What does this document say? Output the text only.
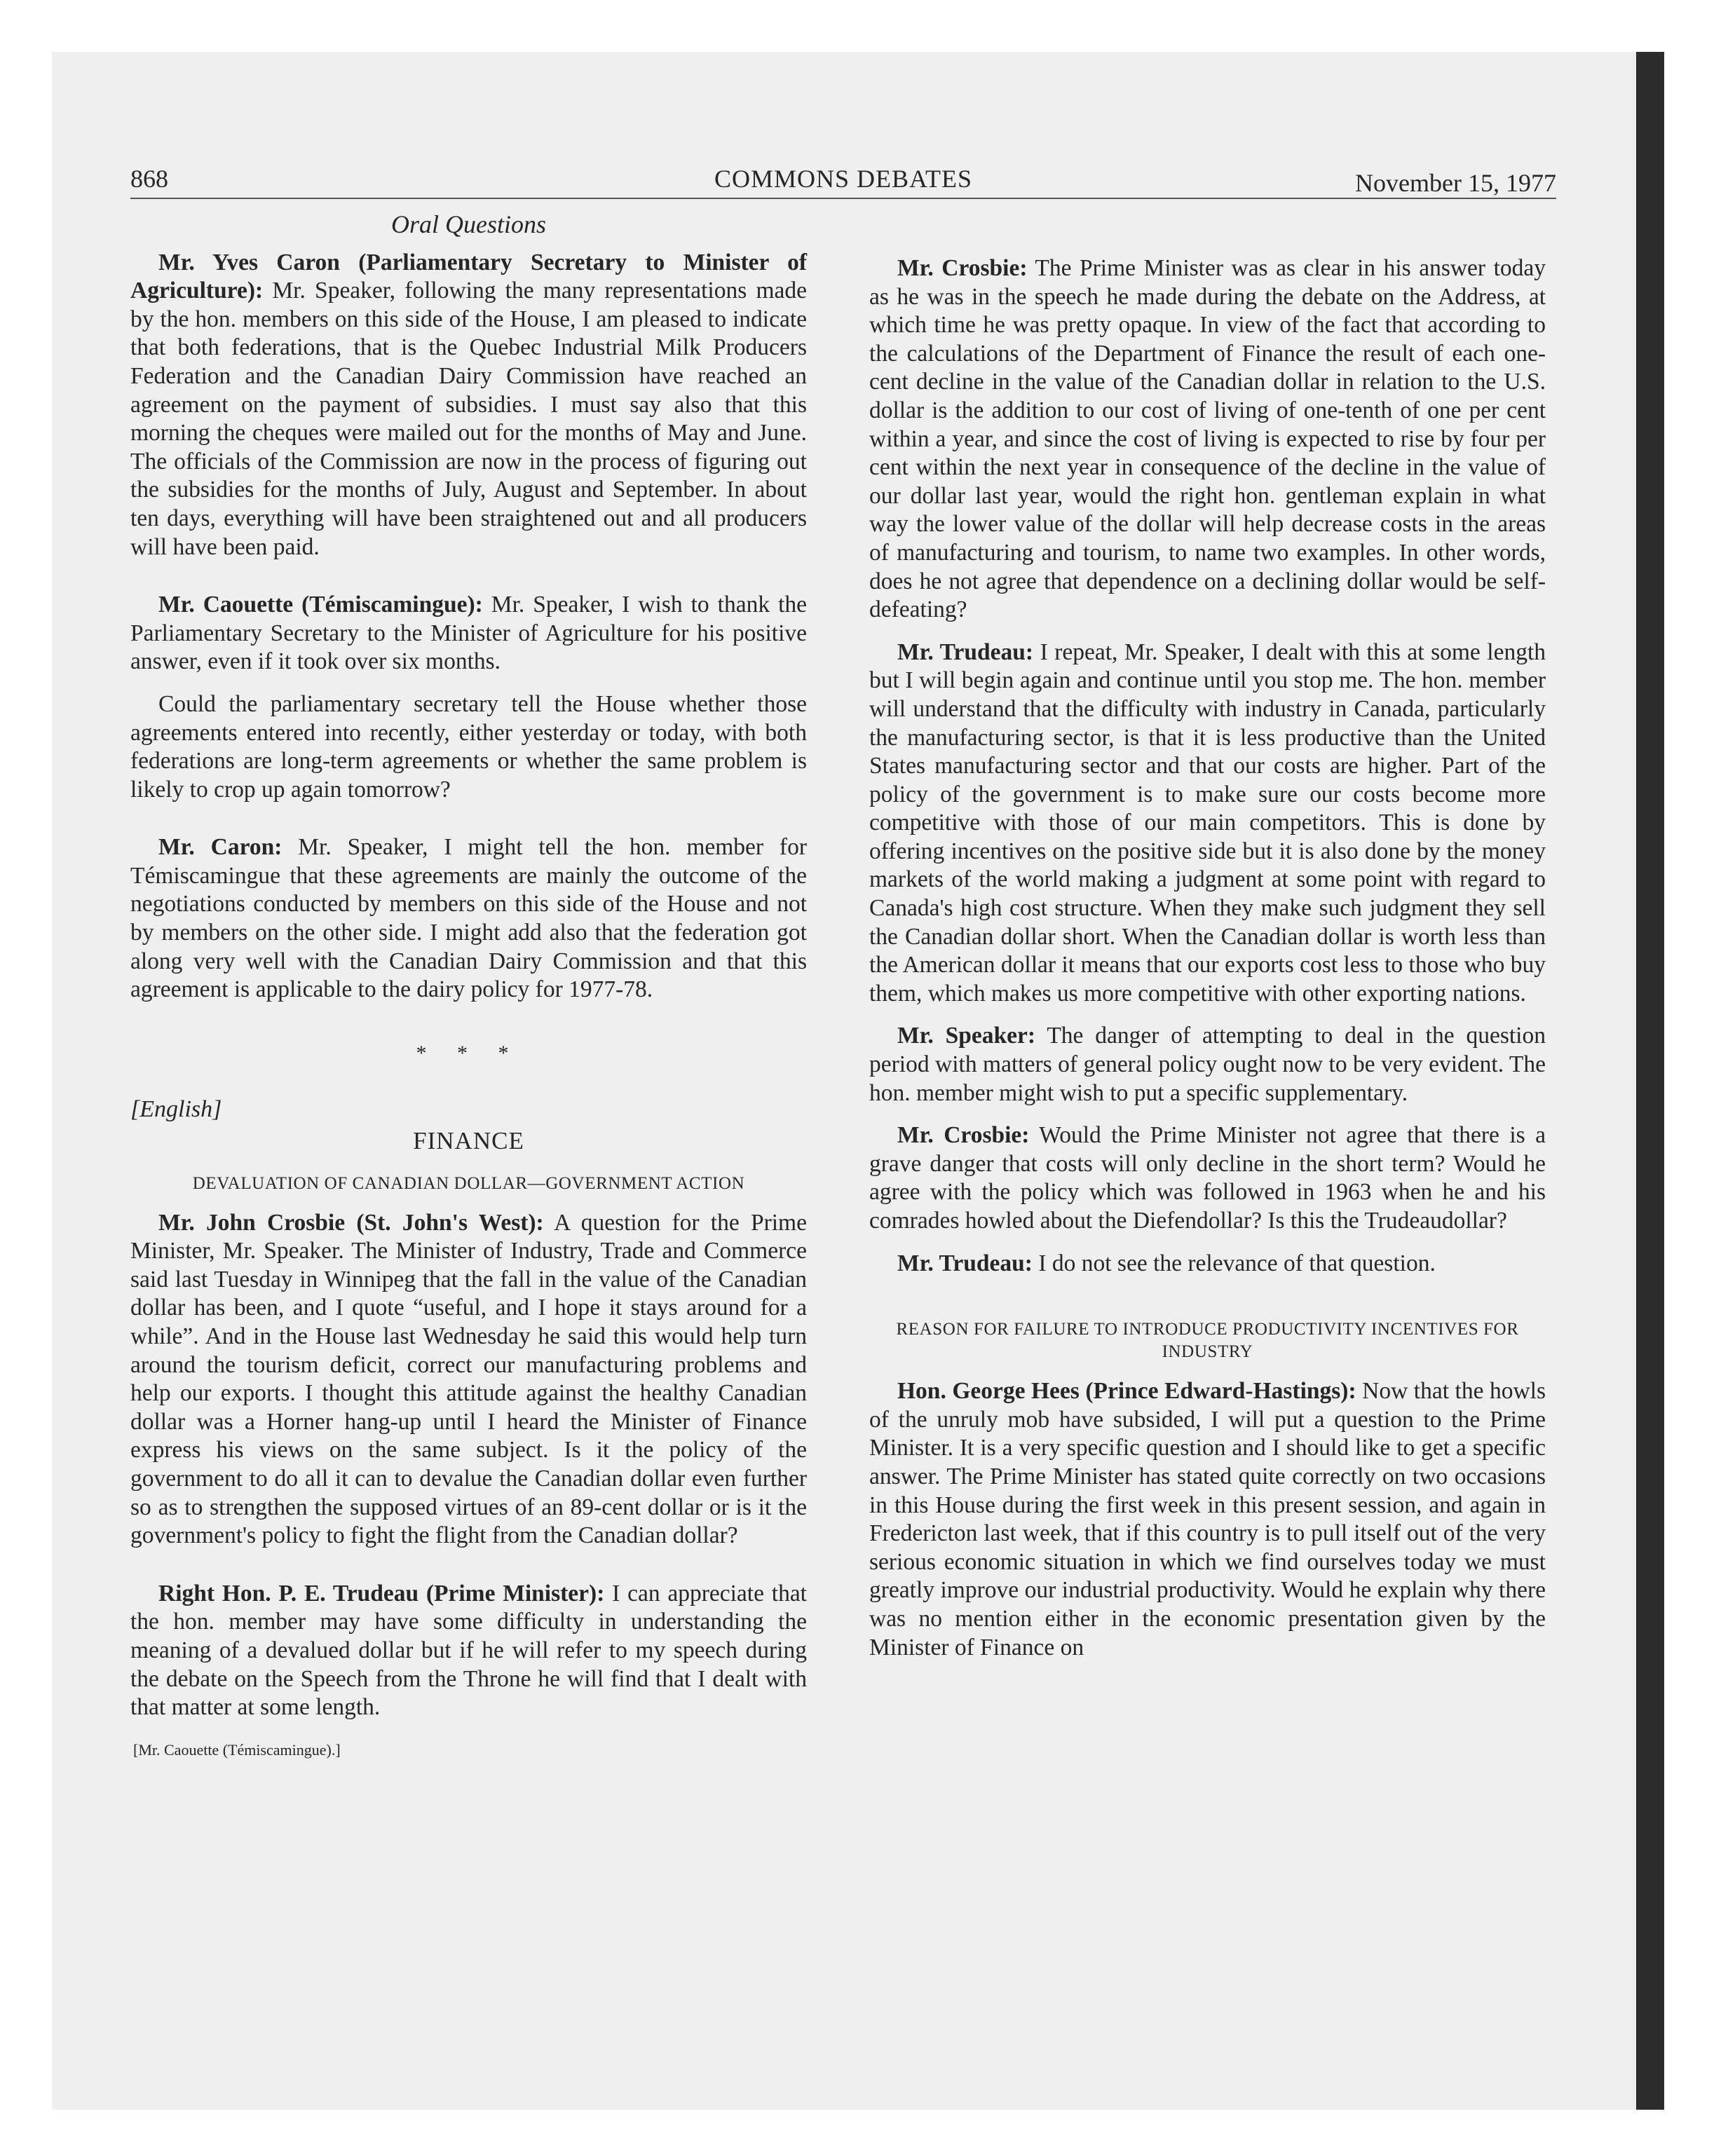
868	COMMONS DEBATES	November 15, 1977
Oral Questions

Mr. Yves Caron (Parliamentary Secretary to Minister of Agriculture): Mr. Speaker, following the many representations made by the hon. members on this side of the House, I am pleased to indicate that both federations, that is the Quebec Industrial Milk Producers Federation and the Canadian Dairy Commission have reached an agreement on the payment of subsidies. I must say also that this morning the cheques were mailed out for the months of May and June. The officials of the Commission are now in the process of figuring out the subsidies for the months of July, August and September. In about ten days, everything will have been straightened out and all producers will have been paid.

Mr. Caouette (Témiscamingue): Mr. Speaker, I wish to thank the Parliamentary Secretary to the Minister of Agriculture for his positive answer, even if it took over six months.

Could the parliamentary secretary tell the House whether those agreements entered into recently, either yesterday or today, with both federations are long-term agreements or whether the same problem is likely to crop up again tomorrow?

Mr. Caron: Mr. Speaker, I might tell the hon. member for Témiscamingue that these agreements are mainly the outcome of the negotiations conducted by members on this side of the House and not by members on the other side. I might add also that the federation got along very well with the Canadian Dairy Commission and that this agreement is applicable to the dairy policy for 1977-78.

* * *
[English]
FINANCE
DEVALUATION OF CANADIAN DOLLAR—GOVERNMENT ACTION

Mr. John Crosbie (St. John's West): A question for the Prime Minister, Mr. Speaker. The Minister of Industry, Trade and Commerce said last Tuesday in Winnipeg that the fall in the value of the Canadian dollar has been, and I quote “useful, and I hope it stays around for a while”. And in the House last Wednesday he said this would help turn around the tourism deficit, correct our manufacturing problems and help our exports. I thought this attitude against the healthy Canadian dollar was a Horner hang-up until I heard the Minister of Finance express his views on the same subject. Is it the policy of the government to do all it can to devalue the Canadian dollar even further so as to strengthen the supposed virtues of an 89-cent dollar or is it the government's policy to fight the flight from the Canadian dollar?

Right Hon. P. E. Trudeau (Prime Minister): I can appreciate that the hon. member may have some difficulty in understanding the meaning of a devalued dollar but if he will refer to my speech during the debate on the Speech from the Throne he will find that I dealt with that matter at some length.

[Mr. Caouette (Témiscamingue).]

Mr. Crosbie: The Prime Minister was as clear in his answer today as he was in the speech he made during the debate on the Address, at which time he was pretty opaque. In view of the fact that according to the calculations of the Department of Finance the result of each one-cent decline in the value of the Canadian dollar in relation to the U.S. dollar is the addition to our cost of living of one-tenth of one per cent within a year, and since the cost of living is expected to rise by four per cent within the next year in consequence of the decline in the value of our dollar last year, would the right hon. gentleman explain in what way the lower value of the dollar will help decrease costs in the areas of manufacturing and tourism, to name two examples. In other words, does he not agree that dependence on a declining dollar would be self-defeating?

Mr. Trudeau: I repeat, Mr. Speaker, I dealt with this at some length but I will begin again and continue until you stop me. The hon. member will understand that the difficulty with industry in Canada, particularly the manufacturing sector, is that it is less productive than the United States manufacturing sector and that our costs are higher. Part of the policy of the government is to make sure our costs become more competitive with those of our main competitors. This is done by offering incentives on the positive side but it is also done by the money markets of the world making a judgment at some point with regard to Canada's high cost structure. When they make such judgment they sell the Canadian dollar short. When the Canadian dollar is worth less than the American dollar it means that our exports cost less to those who buy them, which makes us more competitive with other exporting nations.

Mr. Speaker: The danger of attempting to deal in the question period with matters of general policy ought now to be very evident. The hon. member might wish to put a specific supplementary.

Mr. Crosbie: Would the Prime Minister not agree that there is a grave danger that costs will only decline in the short term? Would he agree with the policy which was followed in 1963 when he and his comrades howled about the Diefendollar? Is this the Trudeaudollar?

Mr. Trudeau: I do not see the relevance of that question.

REASON FOR FAILURE TO INTRODUCE PRODUCTIVITY INCENTIVES FOR INDUSTRY

Hon. George Hees (Prince Edward-Hastings): Now that the howls of the unruly mob have subsided, I will put a question to the Prime Minister. It is a very specific question and I should like to get a specific answer. The Prime Minister has stated quite correctly on two occasions in this House during the first week in this present session, and again in Fredericton last week, that if this country is to pull itself out of the very serious economic situation in which we find ourselves today we must greatly improve our industrial productivity. Would he explain why there was no mention either in the economic presentation given by the Minister of Finance on
